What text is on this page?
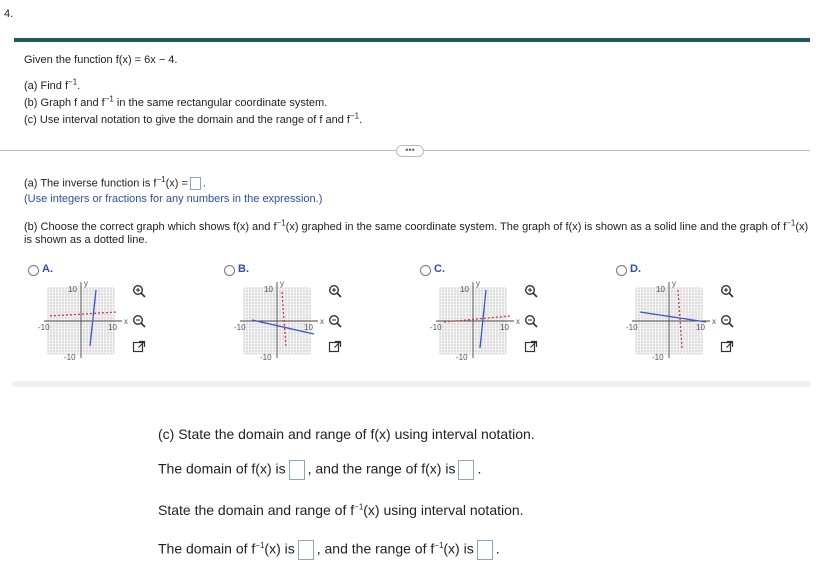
4.
Given the function f(x) = 6x − 4.
(a) Find $f^{-1}$.
(b) Graph f and $f^{-1}$ in the same rectangular coordinate system.
(c) Use interval notation to give the domain and the range of f and $f^{-1}$.
•••
(a) The inverse function is $f^{-1}(x)$ = .
(Use integers or fractions for any numbers in the expression.)
(b) Choose the correct graph which shows f(x) and $f^{-1}(x)$ graphed in the same coordinate system. The graph of f(x) is shown as a solid line and the graph of $f^{-1}(x)$
is shown as a dotted line.
A.
y
x
10
10
-10
-10
B.
y
x
10
10
-10
-10
C.
y
x
10
10
-10
-10
D.
y
x
10
10
-10
-10
(c) State the domain and range of f(x) using interval notation.
The domain of f(x) is , and the range of f(x) is .
State the domain and range of $f^{-1}(x)$ using interval notation.
The domain of $f^{-1}(x)$ is , and the range of $f^{-1}(x)$ is .
